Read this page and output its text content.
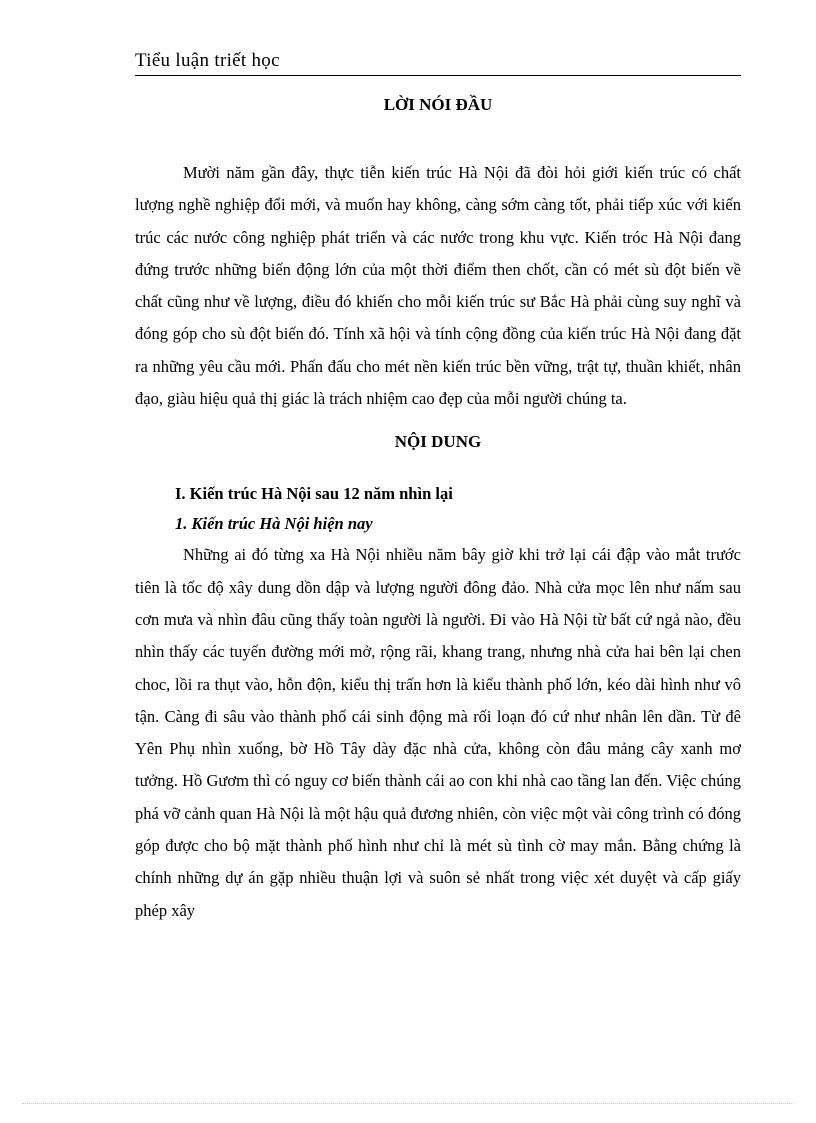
Tiểu luận triết học
LỜI NÓI ĐẦU

Mười năm gần đây, thực tiễn kiến trúc Hà Nội đã đòi hỏi giới kiến trúc có chất lượng nghề nghiệp đổi mới, và muốn hay không, càng sớm càng tốt, phải tiếp xúc với kiến trúc các nước công nghiệp phát triển và các nước trong khu vực. Kiến tróc Hà Nội đang đứng trước những biến động lớn của một thời điểm then chốt, cần có mét sù đột biến về chất cũng như về lượng, điều đó khiến cho mỗi kiến trúc sư Bắc Hà phải cùng suy nghĩ và đóng góp cho sù đột biến đó. Tính xã hội và tính cộng đồng của kiến trúc Hà Nội đang đặt ra những yêu cầu mới. Phấn đấu cho mét nền kiến trúc bền vững, trật tự, thuần khiết, nhân đạo, giàu hiệu quả thị giác là trách nhiệm cao đẹp của mỗi người chúng ta.

NỘI DUNG
I. Kiến trúc Hà Nội sau 12 năm nhìn lại
1. Kiến trúc Hà Nội hiện nay

Những ai đó từng xa Hà Nội nhiều năm bây giờ khi trở lại cái đập vào mắt trước tiên là tốc độ xây dung dồn dập và lượng người đông đảo. Nhà cửa mọc lên như nấm sau cơn mưa và nhìn đâu cũng thấy toàn người là người. Đi vào Hà Nội từ bất cứ ngả nào, đều nhìn thấy các tuyến đường mới mở, rộng rãi, khang trang, nhưng nhà cửa hai bên lại chen choc, lồi ra thụt vào, hỗn độn, kiểu thị trấn hơn là kiểu thành phố lớn, kéo dài hình như vô tận. Càng đi sâu vào thành phố cái sinh động mà rối loạn đó cứ như nhân lên dần. Từ đê Yên Phụ nhìn xuống, bờ Hồ Tây dày đặc nhà cửa, không còn đâu mảng cây xanh mơ tưởng. Hồ Gươm thì có nguy cơ biến thành cái ao con khi nhà cao tầng lan đến. Việc chúng phá vỡ cảnh quan Hà Nội là một hậu quả đương nhiên, còn việc một vài công trình có đóng góp được cho bộ mặt thành phố hình như chỉ là mét sù tình cờ may mắn. Bằng chứng là chính những dự án gặp nhiều thuận lợi và suôn sẻ nhất trong việc xét duyệt và cấp giấy phép xây
